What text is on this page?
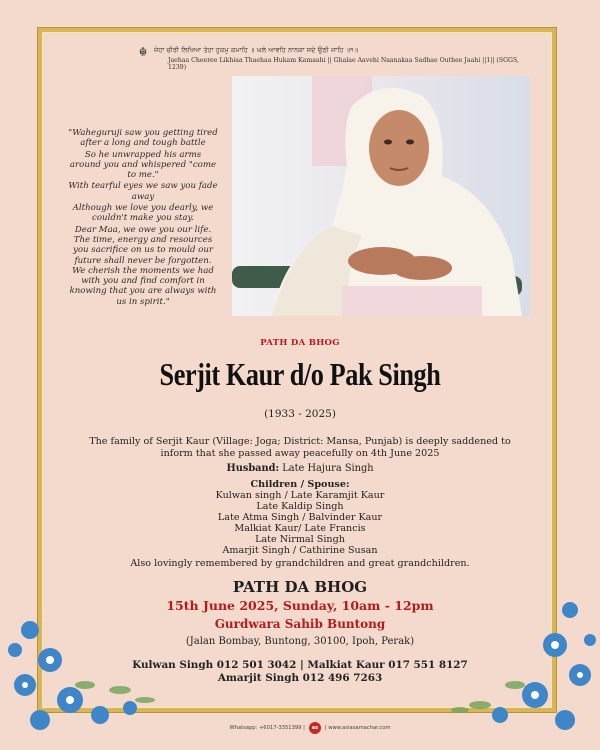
☬	ਜੇਹਾ ਚੀਰੀ ਲਿਖਿਆ ਤੇਹਾ ਹੁਕਮੁ ਕਮਾਹਿ ॥ ਘਲੇ ਆਵਹਿ ਨਾਨਕਾ ਸਦੇ ਉਠੀ ਜਾਹਿ ॥੧॥
Jaehaa Cheeree Likhiaa Thaehaa Hukam Kamaahi || Ghalae Aavehi Naanakaa Sadhae Outhee Jaahi ||1|| (SGGS, 1239)

"Waheguruji saw you getting tired after a long and tough battle

So he unwrapped his arms around you and whispered "come to me."

With tearful eyes we saw you fade away

Although we love you dearly, we couldn't make you stay.

Dear Maa, we owe you our life. The time, energy and resources you sacrifice on us to mould our future shall never be forgotten. We cherish the moments we had with you and find comfort in knowing that you are always with us in spirit."

PATH DA BHOG
Serjit Kaur d/o Pak Singh
(1933 - 2025)
The family of Serjit Kaur (Village: Joga; District: Mansa, Punjab) is deeply saddened to inform that she passed away peacefully on 4th June 2025
Husband: Late Hajura Singh
Children / Spouse:
Kulwan singh / Late Karamjit Kaur
Late Kaldip Singh
Late Atma Singh / Balvinder Kaur
Malkiat Kaur/ Late Francis
Late Nirmal Singh
Amarjit Singh / Cathirine Susan
Also lovingly remembered by grandchildren and great grandchildren.
PATH DA BHOG
15th June 2025, Sunday, 10am - 12pm
Gurdwara Sahib Buntong
(Jalan Bombay, Buntong, 30100, Ipoh, Perak)
Kulwan Singh 012 501 3042 | Malkiat Kaur 017 551 8127
Amarjit Singh 012 496 7263
Whatsapp: +6017-3351399 |	as	| www.asiasamachar.com
